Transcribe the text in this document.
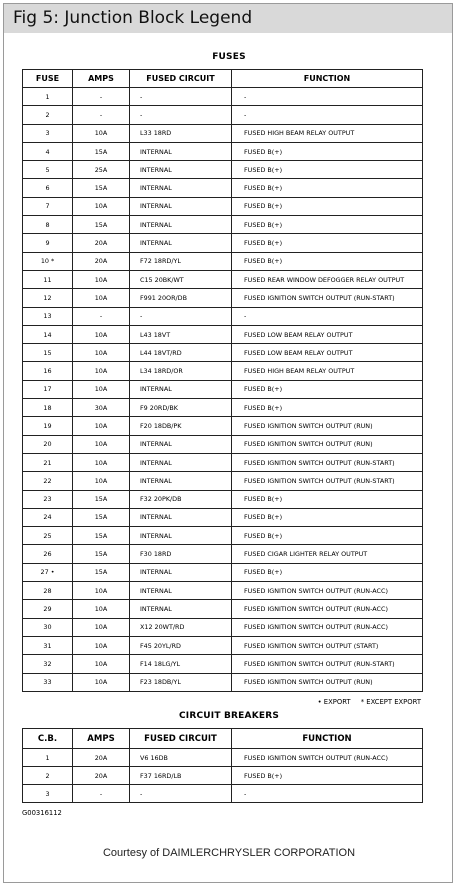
Fig 5: Junction Block Legend
FUSES
FUSE	AMPS	FUSED CIRCUIT	FUNCTION
1	-	-	-
2	-	-	-
3	10A	L33 18RD	FUSED HIGH BEAM RELAY OUTPUT
4	15A	INTERNAL	FUSED B(+)
5	25A	INTERNAL	FUSED B(+)
6	15A	INTERNAL	FUSED B(+)
7	10A	INTERNAL	FUSED B(+)
8	15A	INTERNAL	FUSED B(+)
9	20A	INTERNAL	FUSED B(+)
10 *	20A	F72 18RD/YL	FUSED B(+)
11	10A	C15 20BK/WT	FUSED REAR WINDOW DEFOGGER RELAY OUTPUT
12	10A	F991 20OR/DB	FUSED IGNITION SWITCH OUTPUT (RUN-START)
13	-	-	-
14	10A	L43 18VT	FUSED LOW BEAM RELAY OUTPUT
15	10A	L44 18VT/RD	FUSED LOW BEAM RELAY OUTPUT
16	10A	L34 18RD/OR	FUSED HIGH BEAM RELAY OUTPUT
17	10A	INTERNAL	FUSED B(+)
18	30A	F9 20RD/BK	FUSED B(+)
19	10A	F20 18DB/PK	FUSED IGNITION SWITCH OUTPUT (RUN)
20	10A	INTERNAL	FUSED IGNITION SWITCH OUTPUT (RUN)
21	10A	INTERNAL	FUSED IGNITION SWITCH OUTPUT (RUN-START)
22	10A	INTERNAL	FUSED IGNITION SWITCH OUTPUT (RUN-START)
23	15A	F32 20PK/DB	FUSED B(+)
24	15A	INTERNAL	FUSED B(+)
25	15A	INTERNAL	FUSED B(+)
26	15A	F30 18RD	FUSED CIGAR LIGHTER RELAY OUTPUT
27 •	15A	INTERNAL	FUSED B(+)
28	10A	INTERNAL	FUSED IGNITION SWITCH OUTPUT (RUN-ACC)
29	10A	INTERNAL	FUSED IGNITION SWITCH OUTPUT (RUN-ACC)
30	10A	X12 20WT/RD	FUSED IGNITION SWITCH OUTPUT (RUN-ACC)
31	10A	F45 20YL/RD	FUSED IGNITION SWITCH OUTPUT (START)
32	10A	F14 18LG/YL	FUSED IGNITION SWITCH OUTPUT (RUN-START)
33	10A	F23 18DB/YL	FUSED IGNITION SWITCH OUTPUT (RUN)
• EXPORT * EXCEPT EXPORT
CIRCUIT BREAKERS
C.B.	AMPS	FUSED CIRCUIT	FUNCTION
1	20A	V6 16DB	FUSED IGNITION SWITCH OUTPUT (RUN-ACC)
2	20A	F37 16RD/LB	FUSED B(+)
3	-	-	-
G00316112
Courtesy of DAIMLERCHRYSLER CORPORATION
